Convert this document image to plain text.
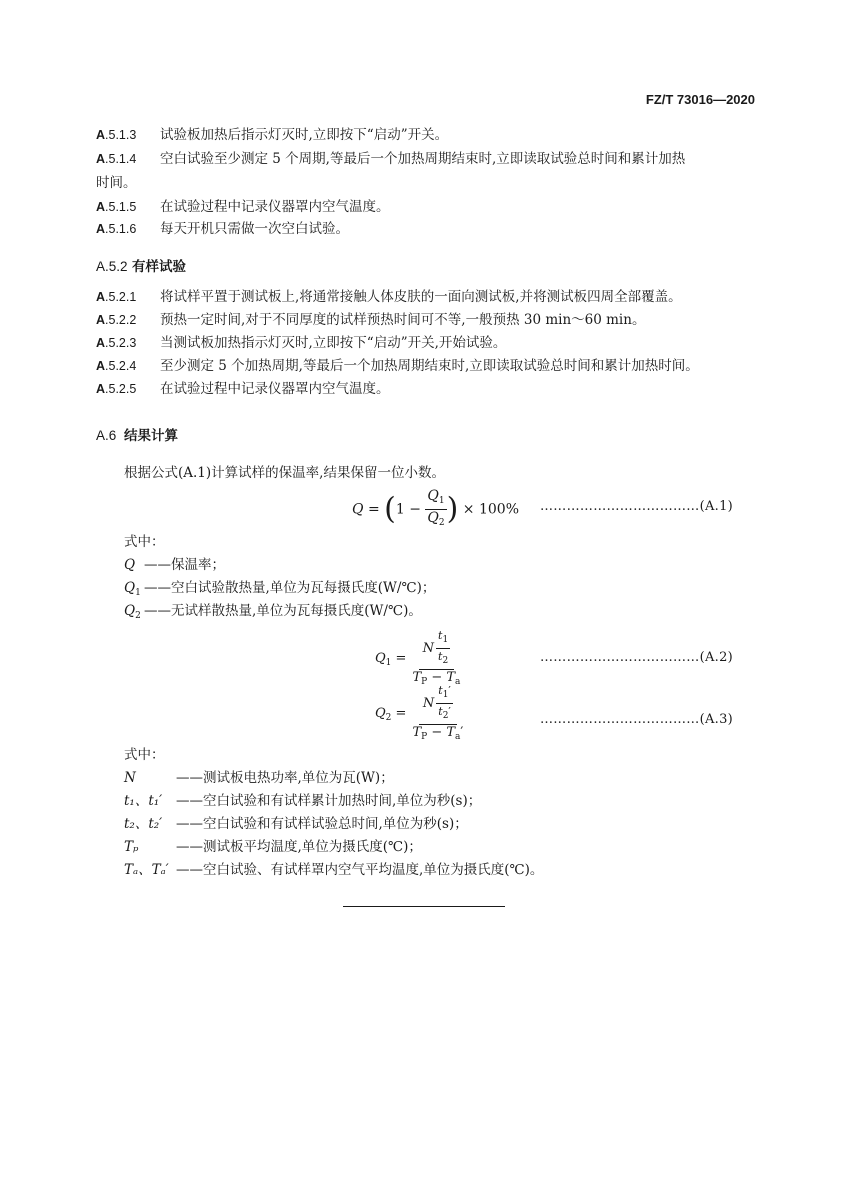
FZ/T 73016—2020
A.5.1.3 试验板加热后指示灯灭时,立即按下“启动”开关。
A.5.1.4 空白试验至少测定 5 个周期,等最后一个加热周期结束时,立即读取试验总时间和累计加热
时间。
A.5.1.5 在试验过程中记录仪器罩内空气温度。
A.5.1.6 每天开机只需做一次空白试验。
A.5.2 有样试验
A.5.2.1 将试样平置于测试板上,将通常接触人体皮肤的一面向测试板,并将测试板四周全部覆盖。
A.5.2.2 预热一定时间,对于不同厚度的试样预热时间可不等,一般预热 30 min～60 min。
A.5.2.3 当测试板加热指示灯灭时,立即按下“启动”开关,开始试验。
A.5.2.4 至少测定 5 个加热周期,等最后一个加热周期结束时,立即读取试验总时间和累计加热时间。
A.5.2.5 在试验过程中记录仪器罩内空气温度。
A.6 结果计算
根据公式(A.1)计算试样的保温率,结果保留一位小数。
$Q = (1 - \frac{Q_1}{Q_2}$ ) × 100% ………………………………(A.1)
式中：
Q ——保温率；
$Q_1$ ——空白试验散热量,单位为瓦每摄氏度(W/℃)；
$Q_2$ ——无试样散热量,单位为瓦每摄氏度(W/℃)。
$Q_1 = \frac{N \frac{t_1}{t_2}}{T_P - T_a}$	………………………………(A.2)
$Q_2 = \frac{N \frac{t_1'}{t_2'}}{T_P - T_a'}$	………………………………(A.3)
式中：
N	——测试板电热功率,单位为瓦(W)；
t₁、t₁′ ——空白试验和有试样累计加热时间,单位为秒(s)；
t₂、t₂′ ——空白试验和有试样试验总时间,单位为秒(s)；
Tₚ	——测试板平均温度,单位为摄氏度(℃)；
Tₐ、Tₐ′ ——空白试验、有试样罩内空气平均温度,单位为摄氏度(℃)。
